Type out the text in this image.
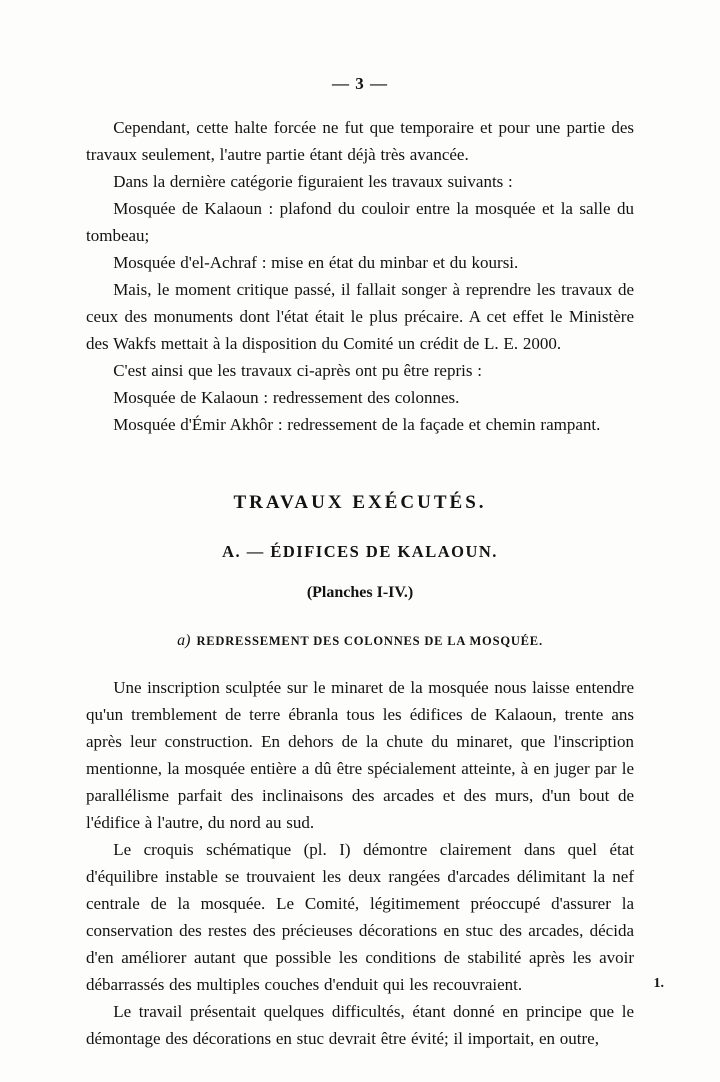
— 3 —

Cependant, cette halte forcée ne fut que temporaire et pour une partie des travaux seulement, l'autre partie étant déjà très avancée.

Dans la dernière catégorie figuraient les travaux suivants :

Mosquée de Kalaoun : plafond du couloir entre la mosquée et la salle du tombeau;

Mosquée d'el-Achraf : mise en état du minbar et du koursi.

Mais, le moment critique passé, il fallait songer à reprendre les travaux de ceux des monuments dont l'état était le plus précaire. A cet effet le Ministère des Wakfs mettait à la disposition du Comité un crédit de L. E. 2000.

C'est ainsi que les travaux ci-après ont pu être repris :

Mosquée de Kalaoun : redressement des colonnes.

Mosquée d'Émir Akhôr : redressement de la façade et chemin rampant.

TRAVAUX EXÉCUTÉS.
A. — ÉDIFICES DE KALAOUN.
(Planches I-IV.)
a) REDRESSEMENT DES COLONNES DE LA MOSQUÉE.

Une inscription sculptée sur le minaret de la mosquée nous laisse entendre qu'un tremblement de terre ébranla tous les édifices de Kalaoun, trente ans après leur construction. En dehors de la chute du minaret, que l'inscription mentionne, la mosquée entière a dû être spécialement atteinte, à en juger par le parallélisme parfait des inclinaisons des arcades et des murs, d'un bout de l'édifice à l'autre, du nord au sud.

Le croquis schématique (pl. I) démontre clairement dans quel état d'équilibre instable se trouvaient les deux rangées d'arcades délimitant la nef centrale de la mosquée. Le Comité, légitimement préoccupé d'assurer la conservation des restes des précieuses décorations en stuc des arcades, décida d'en améliorer autant que possible les conditions de stabilité après les avoir débarrassés des multiples couches d'enduit qui les recouvraient.

Le travail présentait quelques difficultés, étant donné en principe que le démontage des décorations en stuc devrait être évité; il importait, en outre,

1.
